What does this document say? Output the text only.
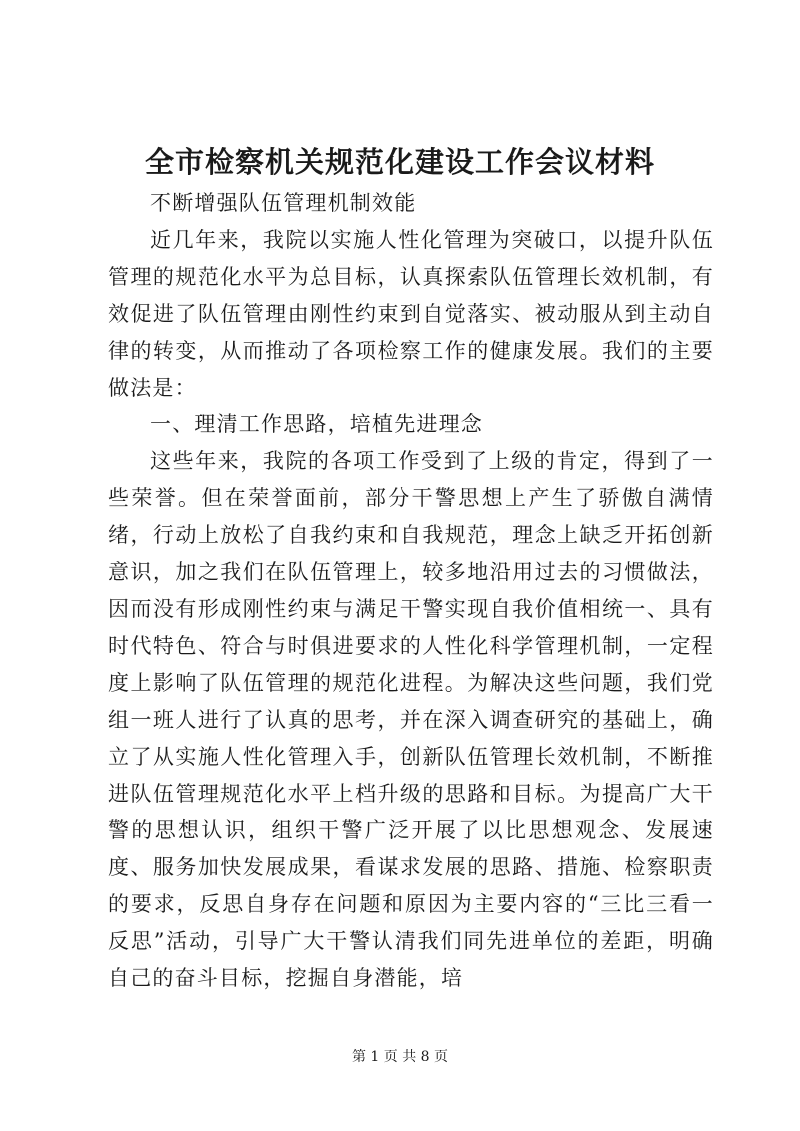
全市检察机关规范化建设工作会议材料

不断增强队伍管理机制效能

近几年来，我院以实施人性化管理为突破口，以提升队伍管理的规范化水平为总目标，认真探索队伍管理长效机制，有效促进了队伍管理由刚性约束到自觉落实、被动服从到主动自律的转变，从而推动了各项检察工作的健康发展。我们的主要做法是：

一、理清工作思路，培植先进理念

这些年来，我院的各项工作受到了上级的肯定，得到了一些荣誉。但在荣誉面前，部分干警思想上产生了骄傲自满情绪，行动上放松了自我约束和自我规范，理念上缺乏开拓创新意识，加之我们在队伍管理上，较多地沿用过去的习惯做法，因而没有形成刚性约束与满足干警实现自我价值相统一、具有时代特色、符合与时俱进要求的人性化科学管理机制，一定程度上影响了队伍管理的规范化进程。为解决这些问题，我们党组一班人进行了认真的思考，并在深入调查研究的基础上，确立了从实施人性化管理入手，创新队伍管理长效机制，不断推进队伍管理规范化水平上档升级的思路和目标。为提高广大干警的思想认识，组织干警广泛开展了以比思想观念、发展速度、服务加快发展成果，看谋求发展的思路、措施、检察职责的要求，反思自身存在问题和原因为主要内容的“三比三看一反思”活动，引导广大干警认清我们同先进单位的差距，明确自己的奋斗目标，挖掘自身潜能，培

第 1 页 共 8 页
